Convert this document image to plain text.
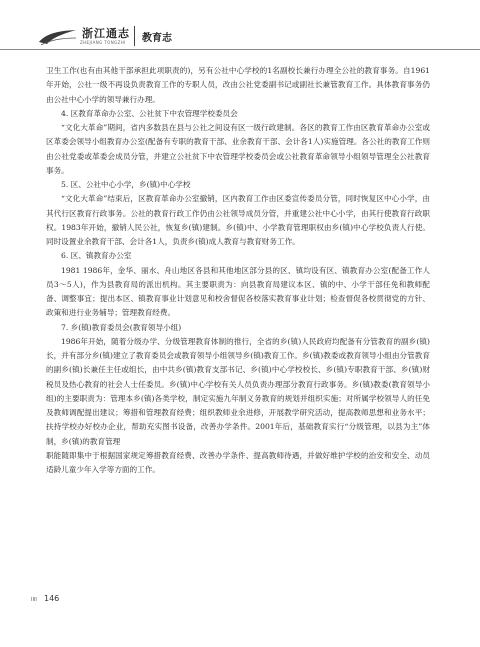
浙江通志
ZHEJIANG TONGZHI 教育志

卫生工作(也有由其他干部承担此项职责的)，另有公社中心学校的1名副校长兼行办理全公社的教育事务。自1961年开始，公社一级不再设负责教育工作的专职人员，改由公社党委副书记或副社长兼管教育工作。具体教育事务仍由公社中心小学的领导兼行办理。

4. 区教育革命办公室、公社贫下中农管理学校委员会

“文化大革命”期间，省内多数县在县与公社之间设有区一级行政建制。各区的教育工作由区教育革命办公室或区革委会领导小组教育办公室(配备有专职的教育干部、业余教育干部、会计各1人)实施管理。各公社的教育工作则由公社党委或革委会成员分管，并建立公社贫下中农管理学校委员会或公社教育革命领导小组领导管理全公社教育事务。

5. 区、公社中心小学，乡(镇)中心学校

“文化大革命”结束后，区教育革命办公室撤销，区内教育工作由区委宣传委员分管，同时恢复区中心小学，由其代行区教育行政事务。公社的教育行政工作仍由公社领导成员分管，并重建公社中心小学，由其行使教育行政职权。1983年开始，撤销人民公社，恢复乡(镇)建制。乡(镇)中、小学教育管理职权由乡(镇)中心学校负责人行使。同时设置业余教育干部、会计各1人，负责乡(镇)成人教育与教育财务工作。

6. 区、镇教育办公室

1981 1986年，金华、丽水、舟山地区各县和其他地区部分县的区、镇均设有区、镇教育办公室(配备工作人员3～5人)，作为县教育局的派出机构。其主要职责为：向县教育局建议本区、镇的中、小学干部任免和教师配备、调整事宜；提出本区、镇教育事业计划意见和校舍督促各校落实教育事业计划；检查督促各校贯彻党的方针、政策和进行业务辅导；管理教育经费。

7. 乡(镇)教育委员会(教育领导小组)

1986年开始，随着分级办学、分级管理教育体制的推行，全省的乡(镇)人民政府均配备有分管教育的副乡(镇)长，并有部分乡(镇)建立了教育委员会或教育领导小组领导乡(镇)教育工作。乡(镇)教委或教育领导小组由分管教育的副乡(镇)长兼任主任或组长，由中共乡(镇)教育支部书记、乡(镇)中心学校校长、乡(镇)专职教育干部、乡(镇)财税员及热心教育的社会人士任委员。乡(镇)中心学校有关人员负责办理部分教育行政事务。乡(镇)教委(教育领导小组)的主要职责为：管理本乡(镇)各类学校，制定实施九年制义务教育的规划并组织实施；对所属学校领导人的任免及教师调配提出建议；筹措和管理教育经费；组织教师业余进修，开展教学研究活动，提高教师思想和业务水平；扶持学校办好校办企业，帮助充实图书设备，改善办学条件。2001年后，基础教育实行“分级管理，以县为主”体制，乡(镇)的教育管理

职能随即集中于根据国家规定筹措教育经费、改善办学条件、提高教师待遇，并做好维护学校的治安和安全、动员适龄儿童少年入学等方面的工作。

IIII 146
